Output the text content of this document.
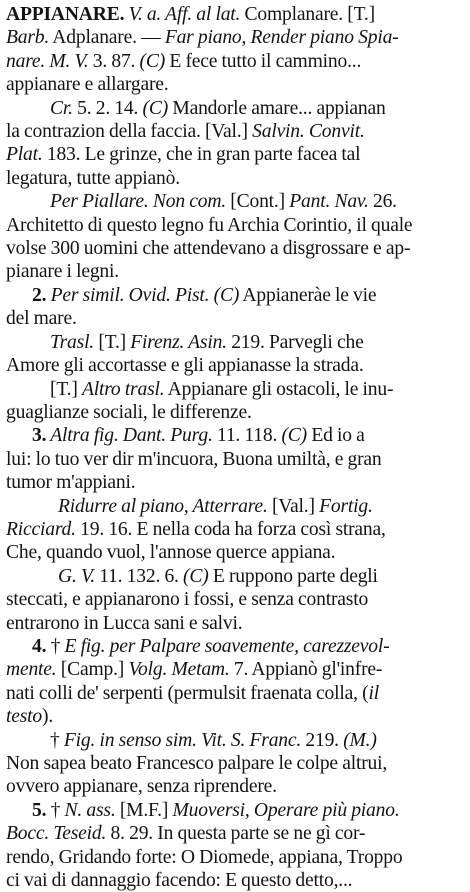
APPIANARE. V. a. Aff. al lat. Complanare. [T.]
Barb. Adplanare. — Far piano, Render piano Spia-
nare. M. V. 3. 87. (C) E fece tutto il cammino...
appianare e allargare.
Cr. 5. 2. 14. (C) Mandorle amare... appianan
la contrazion della faccia. [Val.] Salvin. Convit.
Plat. 183. Le grinze, che in gran parte facea tal
legatura, tutte appianò.
Per Piallare. Non com. [Cont.] Pant. Nav. 26.
Architetto di questo legno fu Archia Corintio, il quale
volse 300 uomini che attendevano a disgrossare e ap-
pianare i legni.
2. Per simil. Ovid. Pist. (C) Appianeràe le vie
del mare.
Trasl. [T.] Firenz. Asin. 219. Parvegli che
Amore gli accortasse e gli appianasse la strada.
[T.] Altro trasl. Appianare gli ostacoli, le inu-
guaglianze sociali, le differenze.
3. Altra fig. Dant. Purg. 11. 118. (C) Ed io a
lui: lo tuo ver dir m'incuora, Buona umiltà, e gran
tumor m'appiani.
Ridurre al piano, Atterrare. [Val.] Fortig.
Ricciard. 19. 16. E nella coda ha forza così strana,
Che, quando vuol, l'annose querce appiana.
G. V. 11. 132. 6. (C) E ruppono parte degli
steccati, e appianarono i fossi, e senza contrasto
entrarono in Lucca sani e salvi.
4. † E fig. per Palpare soavemente, carezzevol-
mente. [Camp.] Volg. Metam. 7. Appianò gl'infre-
nati colli de' serpenti (permulsit fraenata colla, (il
testo).
† Fig. in senso sim. Vit. S. Franc. 219. (M.)
Non sapea beato Francesco palpare le colpe altrui,
ovvero appianare, senza riprendere.
5. † N. ass. [M.F.] Muoversi, Operare più piano.
Bocc. Teseid. 8. 29. In questa parte se ne gì cor-
rendo, Gridando forte: O Diomede, appiana, Troppo
ci vai di dannaggio facendo: E questo detto,...
